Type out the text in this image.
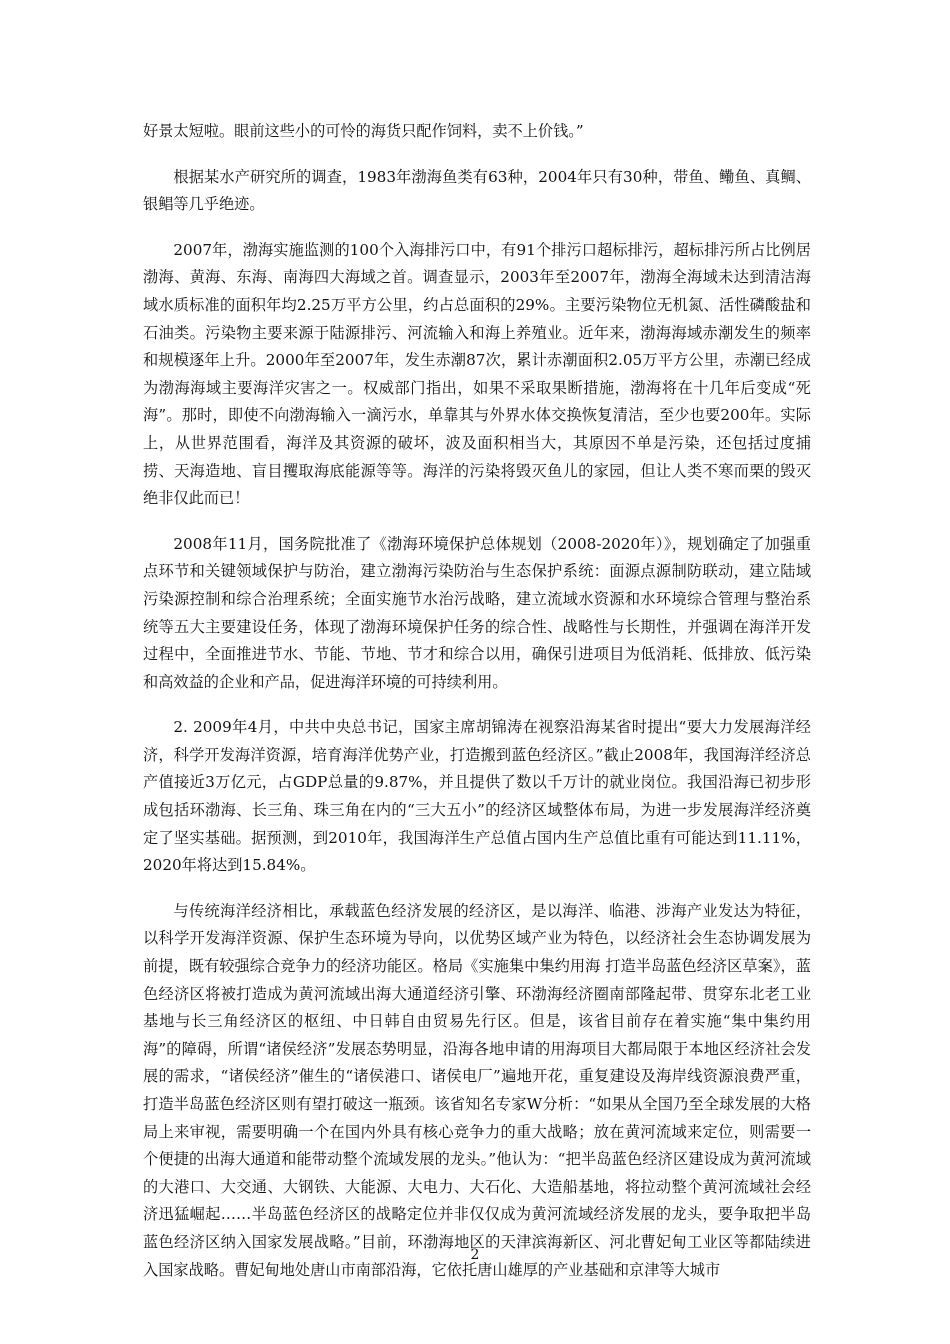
好景太短啦。眼前这些小的可怜的海货只配作饲料，卖不上价钱。”

根据某水产研究所的调查，1983年渤海鱼类有63种，2004年只有30种，带鱼、鳓鱼、真鲷、银鲳等几乎绝迹。

2007年，渤海实施监测的100个入海排污口中，有91个排污口超标排污，超标排污所占比例居渤海、黄海、东海、南海四大海域之首。调查显示，2003年至2007年，渤海全海域未达到清洁海域水质标准的面积年均2.25万平方公里，约占总面积的29%。主要污染物位无机氮、活性磷酸盐和石油类。污染物主要来源于陆源排污、河流输入和海上养殖业。近年来，渤海海域赤潮发生的频率和规模逐年上升。2000年至2007年，发生赤潮87次，累计赤潮面积2.05万平方公里，赤潮已经成为渤海海域主要海洋灾害之一。权威部门指出，如果不采取果断措施，渤海将在十几年后变成“死海”。那时，即使不向渤海输入一滴污水，单靠其与外界水体交换恢复清洁，至少也要200年。实际上，从世界范围看，海洋及其资源的破坏，波及面积相当大，其原因不单是污染，还包括过度捕捞、天海造地、盲目攫取海底能源等等。海洋的污染将毁灭鱼儿的家园，但让人类不寒而栗的毁灭绝非仅此而已！

2008年11月，国务院批准了《渤海环境保护总体规划（2008-2020年）》，规划确定了加强重点环节和关键领域保护与防治，建立渤海污染防治与生态保护系统：面源点源制防联动，建立陆域污染源控制和综合治理系统；全面实施节水治污战略，建立流域水资源和水环境综合管理与整治系统等五大主要建设任务，体现了渤海环境保护任务的综合性、战略性与长期性，并强调在海洋开发过程中，全面推进节水、节能、节地、节才和综合以用，确保引进项目为低消耗、低排放、低污染和高效益的企业和产品，促进海洋环境的可持续利用。

2. 2009年4月，中共中央总书记，国家主席胡锦涛在视察沿海某省时提出“要大力发展海洋经济，科学开发海洋资源，培育海洋优势产业，打造搬到蓝色经济区。”截止2008年，我国海洋经济总产值接近3万亿元，占GDP总量的9.87%，并且提供了数以千万计的就业岗位。我国沿海已初步形成包括环渤海、长三角、珠三角在内的“三大五小”的经济区域整体布局，为进一步发展海洋经济奠定了坚实基础。据预测，到2010年，我国海洋生产总值占国内生产总值比重有可能达到11.11%，2020年将达到15.84%。

与传统海洋经济相比，承载蓝色经济发展的经济区，是以海洋、临港、涉海产业发达为特征，以科学开发海洋资源、保护生态环境为导向，以优势区域产业为特色，以经济社会生态协调发展为前提，既有较强综合竞争力的经济功能区。格局《实施集中集约用海 打造半岛蓝色经济区草案》，蓝色经济区将被打造成为黄河流域出海大通道经济引擎、环渤海经济圈南部隆起带、贯穿东北老工业基地与长三角经济区的枢纽、中日韩自由贸易先行区。但是，该省目前存在着实施“集中集约用海”的障碍，所谓“诸侯经济”发展态势明显，沿海各地申请的用海项目大都局限于本地区经济社会发展的需求，“诸侯经济”催生的“诸侯港口、诸侯电厂”遍地开花，重复建设及海岸线资源浪费严重，打造半岛蓝色经济区则有望打破这一瓶颈。该省知名专家W分析：“如果从全国乃至全球发展的大格局上来审视，需要明确一个在国内外具有核心竞争力的重大战略；放在黄河流域来定位，则需要一个便捷的出海大通道和能带动整个流域发展的龙头。”他认为：“把半岛蓝色经济区建设成为黄河流域的大港口、大交通、大钢铁、大能源、大电力、大石化、大造船基地，将拉动整个黄河流域社会经济迅猛崛起……半岛蓝色经济区的战略定位并非仅仅成为黄河流域经济发展的龙头，要争取把半岛蓝色经济区纳入国家发展战略。”目前，环渤海地区的天津滨海新区、河北曹妃甸工业区等都陆续进入国家战略。曹妃甸地处唐山市南部沿海，它依托唐山雄厚的产业基础和京津等大城市

2
